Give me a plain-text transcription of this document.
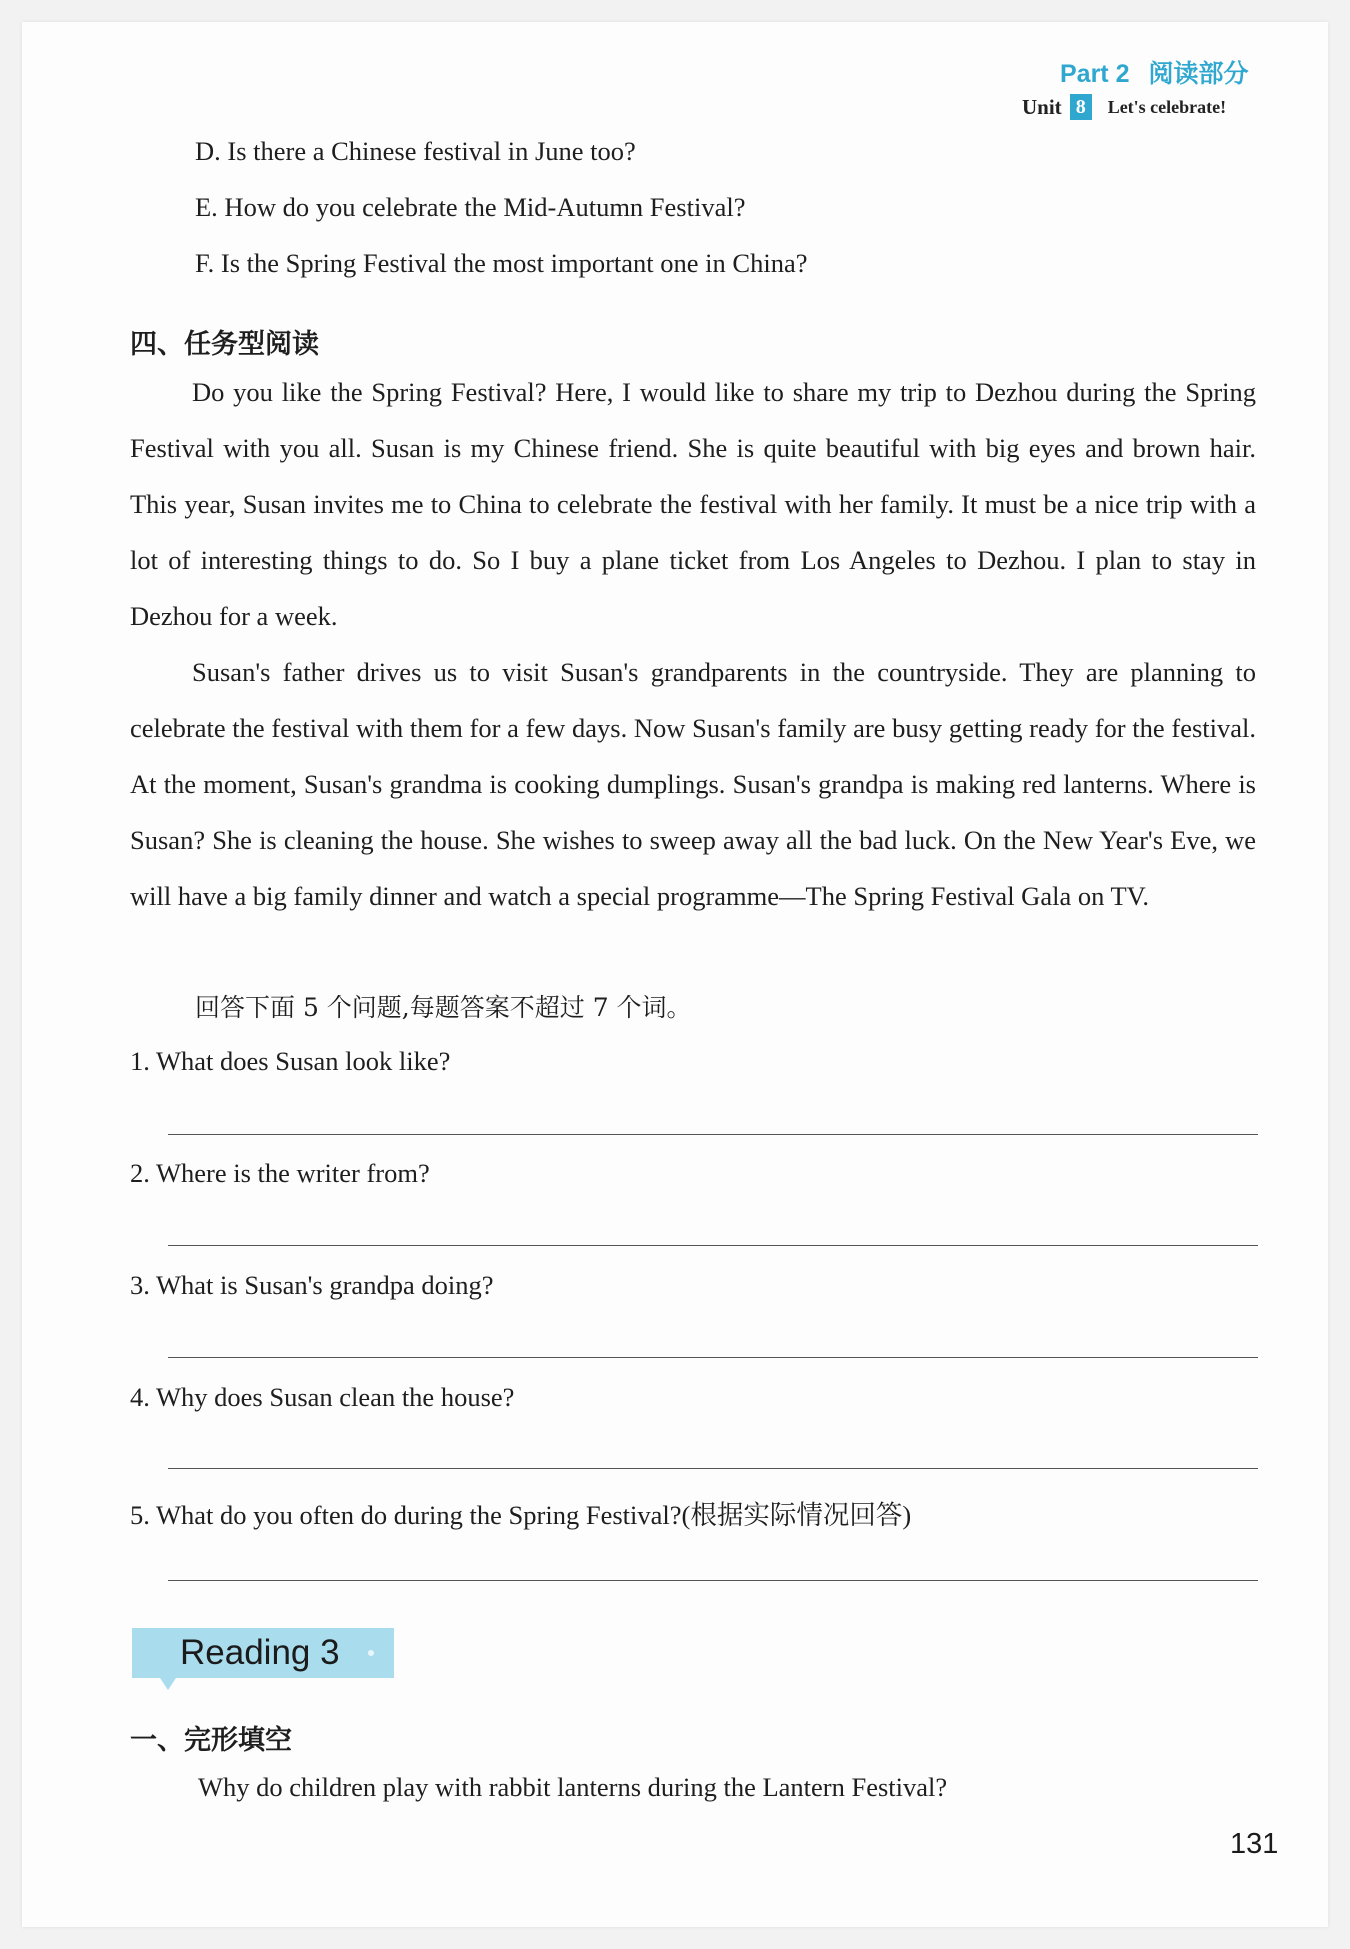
Part 2 阅读部分
Unit 8	Let's celebrate!
D. Is there a Chinese festival in June too?
E. How do you celebrate the Mid-Autumn Festival?
F. Is the Spring Festival the most important one in China?
四、任务型阅读

Do you like the Spring Festival? Here, I would like to share my trip to Dezhou during the Spring Festival with you all. Susan is my Chinese friend. She is quite beautiful with big eyes and brown hair. This year, Susan invites me to China to celebrate the festival with her family. It must be a nice trip with a lot of interesting things to do. So I buy a plane ticket from Los Angeles to Dezhou. I plan to stay in Dezhou for a week.

Susan's father drives us to visit Susan's grandparents in the countryside. They are planning to celebrate the festival with them for a few days. Now Susan's family are busy getting ready for the festival. At the moment, Susan's grandma is cooking dumplings. Susan's grandpa is making red lanterns. Where is Susan? She is cleaning the house. She wishes to sweep away all the bad luck. On the New Year's Eve, we will have a big family dinner and watch a special programme—The Spring Festival Gala on TV.

回答下面 5 个问题,每题答案不超过 7 个词。
1. What does Susan look like?
2. Where is the writer from?
3. What is Susan's grandpa doing?
4. Why does Susan clean the house?
5. What do you often do during the Spring Festival?(根据实际情况回答)
Reading 3
一、完形填空
Why do children play with rabbit lanterns during the Lantern Festival?
131
